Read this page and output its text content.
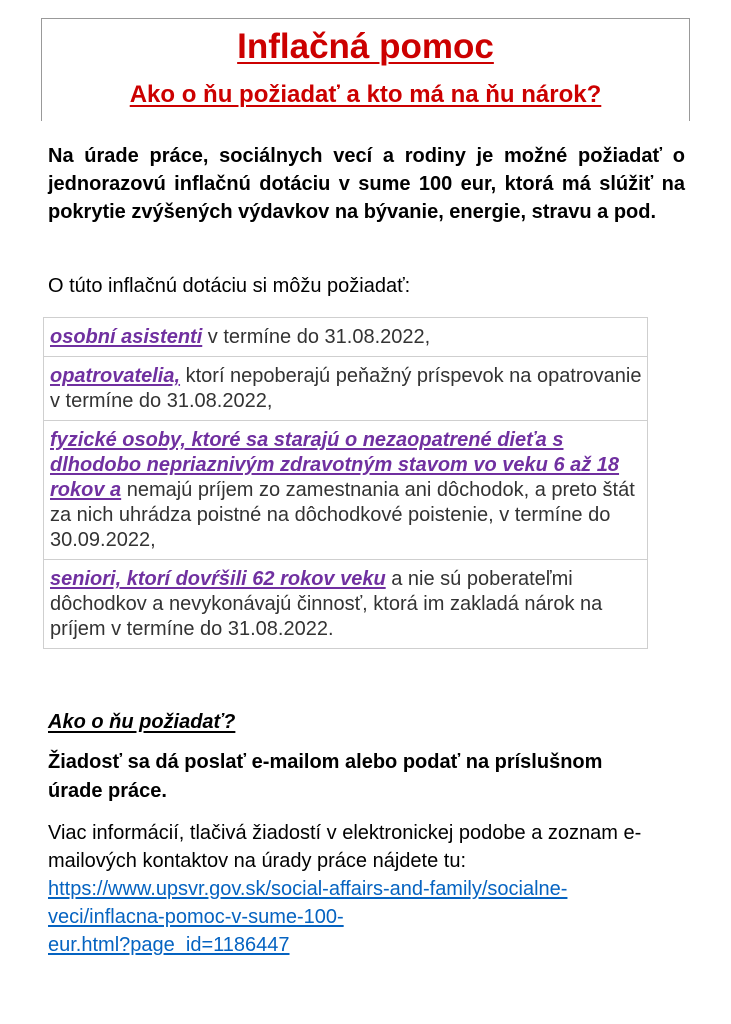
Inflačná pomoc
Ako o ňu požiadať a kto má na ňu nárok?

Na úrade práce, sociálnych vecí a rodiny je možné požiadať o jednorazovú inflačnú dotáciu v sume 100 eur, ktorá má slúžiť na pokrytie zvýšených výdavkov na bývanie, energie, stravu a pod.

O túto inflačnú dotáciu si môžu požiadať:

osobní asistenti v termíne do 31.08.2022,
opatrovatelia, ktorí nepoberajú peňažný príspevok na opatrovanie v termíne do 31.08.2022,
fyzické osoby, ktoré sa starajú o nezaopatrené dieťa s dlhodobo nepriaznivým zdravotným stavom vo veku 6 až 18 rokov a nemajú príjem zo zamestnania ani dôchodok, a preto štát za nich uhrádza poistné na dôchodkové poistenie, v termíne do 30.09.2022,
seniori, ktorí dovŕšili 62 rokov veku a nie sú poberateľmi dôchodkov a nevykonávajú činnosť, ktorá im zakladá nárok na príjem v termíne do 31.08.2022.
Ako o ňu požiadať?

Žiadosť sa dá poslať e-mailom alebo podať na príslušnom úrade práce.

Viac informácií, tlačivá žiadostí v elektronickej podobe a zoznam e-mailových kontaktov na úrady práce nájdete tu:
https://www.upsvr.gov.sk/social-affairs-and-family/socialne-
veci/inflacna-pomoc-v-sume-100-
eur.html?page_id=1186447
